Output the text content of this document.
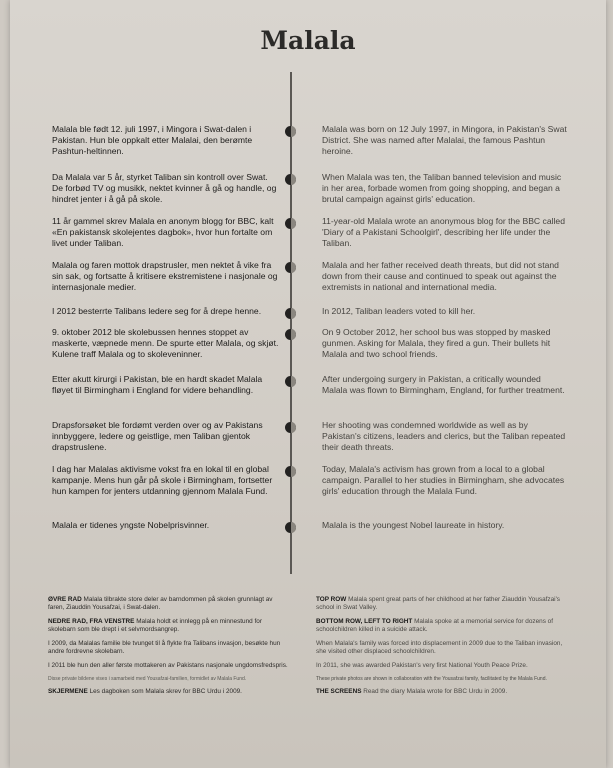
Malala

Malala ble født 12. juli 1997, i Mingora i Swat-dalen i Pakistan. Hun ble oppkalt etter Malalai, den berømte Pashtun-heltinnen.

Malala was born on 12 July 1997, in Mingora, in Pakistan's Swat District. She was named after Malalai, the famous Pashtun heroine.

Da Malala var 5 år, styrket Taliban sin kontroll over Swat. De forbød TV og musikk, nektet kvinner å gå og handle, og hindret jenter i å gå på skole.

When Malala was ten, the Taliban banned television and music in her area, forbade women from going shopping, and began a brutal campaign against girls' education.

11 år gammel skrev Malala en anonym blogg for BBC, kalt «En pakistansk skolejentes dagbok», hvor hun fortalte om livet under Taliban.

11-year-old Malala wrote an anonymous blog for the BBC called 'Diary of a Pakistani Schoolgirl', describing her life under the Taliban.

Malala og faren mottok drapstrusler, men nektet å vike fra sin sak, og fortsatte å kritisere ekstremistene i nasjonale og internasjonale medier.

Malala and her father received death threats, but did not stand down from their cause and continued to speak out against the extremists in national and international media.

I 2012 besterrte Talibans ledere seg for å drepe henne.	In 2012, Taliban leaders voted to kill her.

9. oktober 2012 ble skolebussen hennes stoppet av maskerte, væpnede menn. De spurte etter Malala, og skjøt. Kulene traff Malala og to skoleveninner.

On 9 October 2012, her school bus was stopped by masked gunmen. Asking for Malala, they fired a gun. Their bullets hit Malala and two school friends.

Etter akutt kirurgi i Pakistan, ble en hardt skadet Malala fløyet til Birmingham i England for videre behandling.

After undergoing surgery in Pakistan, a critically wounded Malala was flown to Birmingham, England, for further treatment.

Drapsforsøket ble fordømt verden over og av Pakistans innbyggere, ledere og geistlige, men Taliban gjentok drapstruslene.

Her shooting was condemned worldwide as well as by Pakistan's citizens, leaders and clerics, but the Taliban repeated their death threats.

I dag har Malalas aktivisme vokst fra en lokal til en global kampanje. Mens hun går på skole i Birmingham, fortsetter hun kampen for jenters utdanning gjennom Malala Fund.

Today, Malala's activism has grown from a local to a global campaign. Parallel to her studies in Birmingham, she advocates girls' education through the Malala Fund.

Malala er tidenes yngste Nobelprisvinner.	Malala is the youngest Nobel laureate in history.

ØVRE RAD Malala tilbrakte store deler av barndommen på skolen grunnlagt av faren, Ziauddin Yousafzai, i Swat-dalen.

NEDRE RAD, FRA VENSTRE Malala holdt et innlegg på en minnestund for skolebarn som ble drept i et selvmordsangrep.

I 2009, da Malalas familie ble tvunget til å flykte fra Talibans invasjon, besøkte hun andre fordrevne skolebarn.

I 2011 ble hun den aller første mottakeren av Pakistans nasjonale ungdomsfredspris.

Disse private bildene vises i samarbeid med Yousafzai-familien, formidlet av Malala Fund.

SKJERMENE Les dagboken som Malala skrev for BBC Urdu i 2009.

TOP ROW Malala spent great parts of her childhood at her father Ziauddin Yousafzai's school in Swat Valley.

BOTTOM ROW, LEFT TO RIGHT Malala spoke at a memorial service for dozens of schoolchildren killed in a suicide attack.

When Malala's family was forced into displacement in 2009 due to the Taliban invasion, she visited other displaced schoolchildren.

In 2011, she was awarded Pakistan's very first National Youth Peace Prize.

These private photos are shown in collaboration with the Yousafzai family, facilitated by the Malala Fund.

THE SCREENS Read the diary Malala wrote for BBC Urdu in 2009.
